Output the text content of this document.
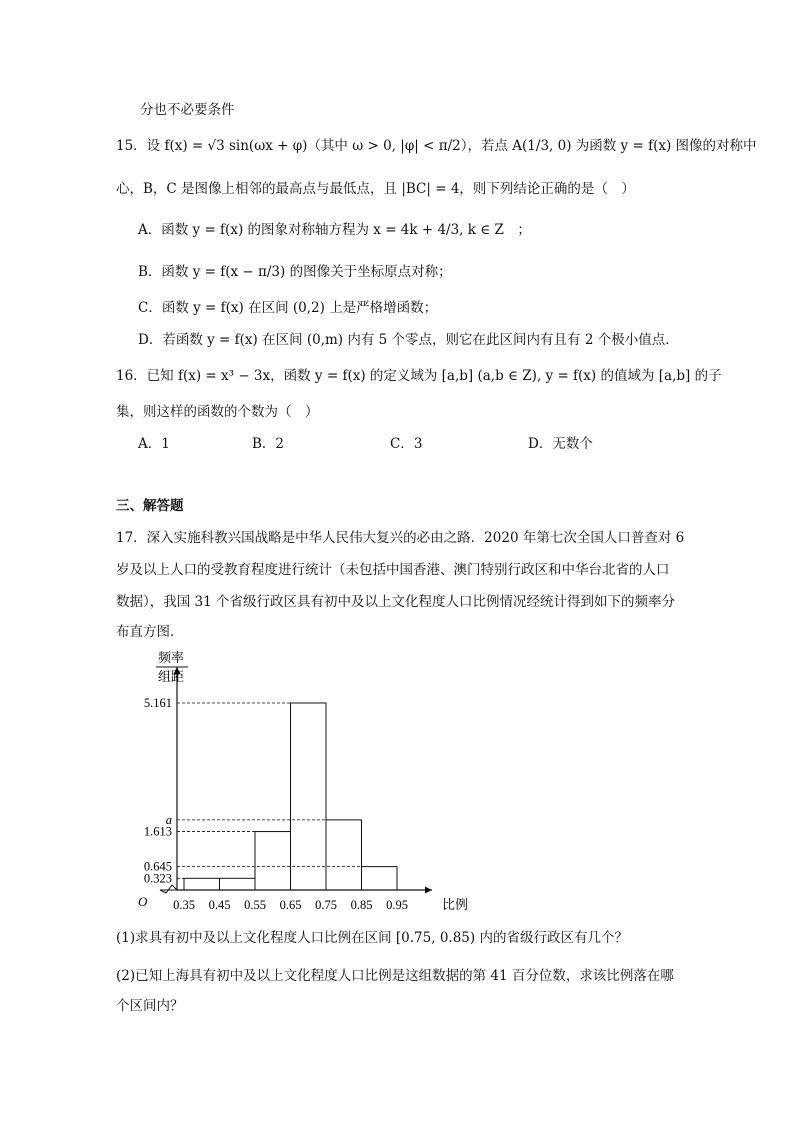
分也不必要条件
15．设 f(x) = √3 sin(ωx + φ)（其中 ω > 0, |φ| < π/2），若点 A(1/3, 0) 为函数 y = f(x) 图像的对称中
心，B，C 是图像上相邻的最高点与最低点，且 |BC| = 4，则下列结论正确的是（　）
A．函数 y = f(x) 的图象对称轴方程为 x = 4k + 4/3, k ∈ Z　；
B．函数 y = f(x − π/3) 的图像关于坐标原点对称；
C．函数 y = f(x) 在区间 (0,2) 上是严格增函数；
D．若函数 y = f(x) 在区间 (0,m) 内有 5 个零点，则它在此区间内有且有 2 个极小值点．
16．已知 f(x) = x³ − 3x，函数 y = f(x) 的定义域为 [a,b] (a,b ∈ Z), y = f(x) 的值域为 [a,b] 的子
集，则这样的函数的个数为（　）
A．1	B．2	C．3	D．无数个
三、解答题
17．深入实施科教兴国战略是中华人民伟大复兴的必由之路．2020 年第七次全国人口普查对 6
岁及以上人口的受教育程度进行统计（未包括中国香港、澳门特别行政区和中华台北省的人口
数据），我国 31 个省级行政区具有初中及以上文化程度人口比例情况经统计得到如下的频率分
布直方图．
频率
组距
比例
O
5.161
a
1.613
0.645
0.323
0.35 0.45 0.55 0.65 0.75 0.85 0.95
(1)求具有初中及以上文化程度人口比例在区间 [0.75, 0.85) 内的省级行政区有几个？
(2)已知上海具有初中及以上文化程度人口比例是这组数据的第 41 百分位数，求该比例落在哪
个区间内？
